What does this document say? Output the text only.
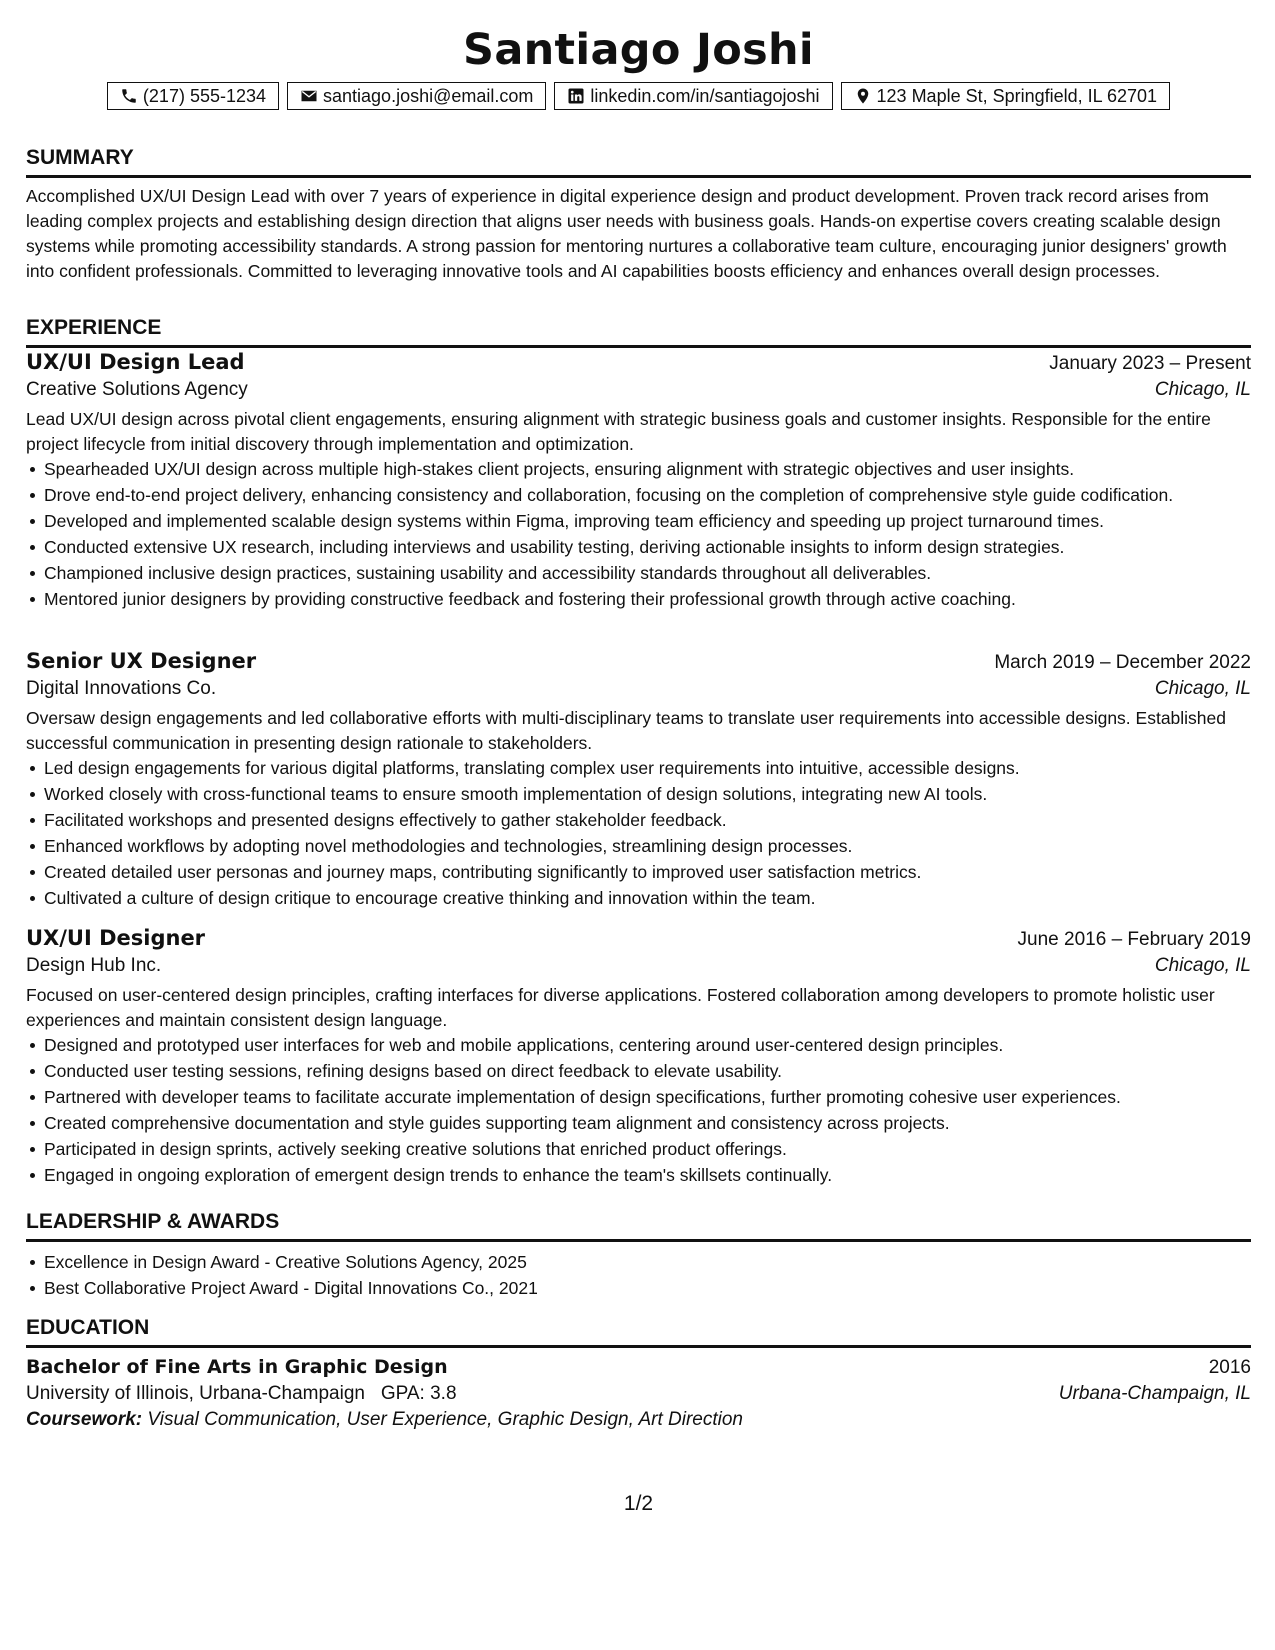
Santiago Joshi
(217) 555-1234	santiago.joshi@email.com	linkedin.com/in/santiagojoshi	123 Maple St, Springfield, IL 62701
SUMMARY
Accomplished UX/UI Design Lead with over 7 years of experience in digital experience design and product development. Proven track record arises from leading complex projects and establishing design direction that aligns user needs with business goals. Hands-on expertise covers creating scalable design systems while promoting accessibility standards. A strong passion for mentoring nurtures a collaborative team culture, encouraging junior designers' growth into confident professionals. Committed to leveraging innovative tools and AI capabilities boosts efficiency and enhances overall design processes.
EXPERIENCE
UX/UI Design Lead	January 2023 – Present
Creative Solutions Agency	Chicago, IL
Lead UX/UI design across pivotal client engagements, ensuring alignment with strategic business goals and customer insights. Responsible for the entire project lifecycle from initial discovery through implementation and optimization.
Spearheaded UX/UI design across multiple high-stakes client projects, ensuring alignment with strategic objectives and user insights.
Drove end-to-end project delivery, enhancing consistency and collaboration, focusing on the completion of comprehensive style guide codification.
Developed and implemented scalable design systems within Figma, improving team efficiency and speeding up project turnaround times.
Conducted extensive UX research, including interviews and usability testing, deriving actionable insights to inform design strategies.
Championed inclusive design practices, sustaining usability and accessibility standards throughout all deliverables.
Mentored junior designers by providing constructive feedback and fostering their professional growth through active coaching.
Senior UX Designer	March 2019 – December 2022
Digital Innovations Co.	Chicago, IL
Oversaw design engagements and led collaborative efforts with multi-disciplinary teams to translate user requirements into accessible designs. Established successful communication in presenting design rationale to stakeholders.
Led design engagements for various digital platforms, translating complex user requirements into intuitive, accessible designs.
Worked closely with cross-functional teams to ensure smooth implementation of design solutions, integrating new AI tools.
Facilitated workshops and presented designs effectively to gather stakeholder feedback.
Enhanced workflows by adopting novel methodologies and technologies, streamlining design processes.
Created detailed user personas and journey maps, contributing significantly to improved user satisfaction metrics.
Cultivated a culture of design critique to encourage creative thinking and innovation within the team.
UX/UI Designer	June 2016 – February 2019
Design Hub Inc.	Chicago, IL
Focused on user-centered design principles, crafting interfaces for diverse applications. Fostered collaboration among developers to promote holistic user experiences and maintain consistent design language.
Designed and prototyped user interfaces for web and mobile applications, centering around user-centered design principles.
Conducted user testing sessions, refining designs based on direct feedback to elevate usability.
Partnered with developer teams to facilitate accurate implementation of design specifications, further promoting cohesive user experiences.
Created comprehensive documentation and style guides supporting team alignment and consistency across projects.
Participated in design sprints, actively seeking creative solutions that enriched product offerings.
Engaged in ongoing exploration of emergent design trends to enhance the team's skillsets continually.
LEADERSHIP & AWARDS
Excellence in Design Award - Creative Solutions Agency, 2025
Best Collaborative Project Award - Digital Innovations Co., 2021
EDUCATION
Bachelor of Fine Arts in Graphic Design	2016
University of Illinois, Urbana-Champaign GPA: 3.8	Urbana-Champaign, IL
Coursework: Visual Communication, User Experience, Graphic Design, Art Direction
1/2
